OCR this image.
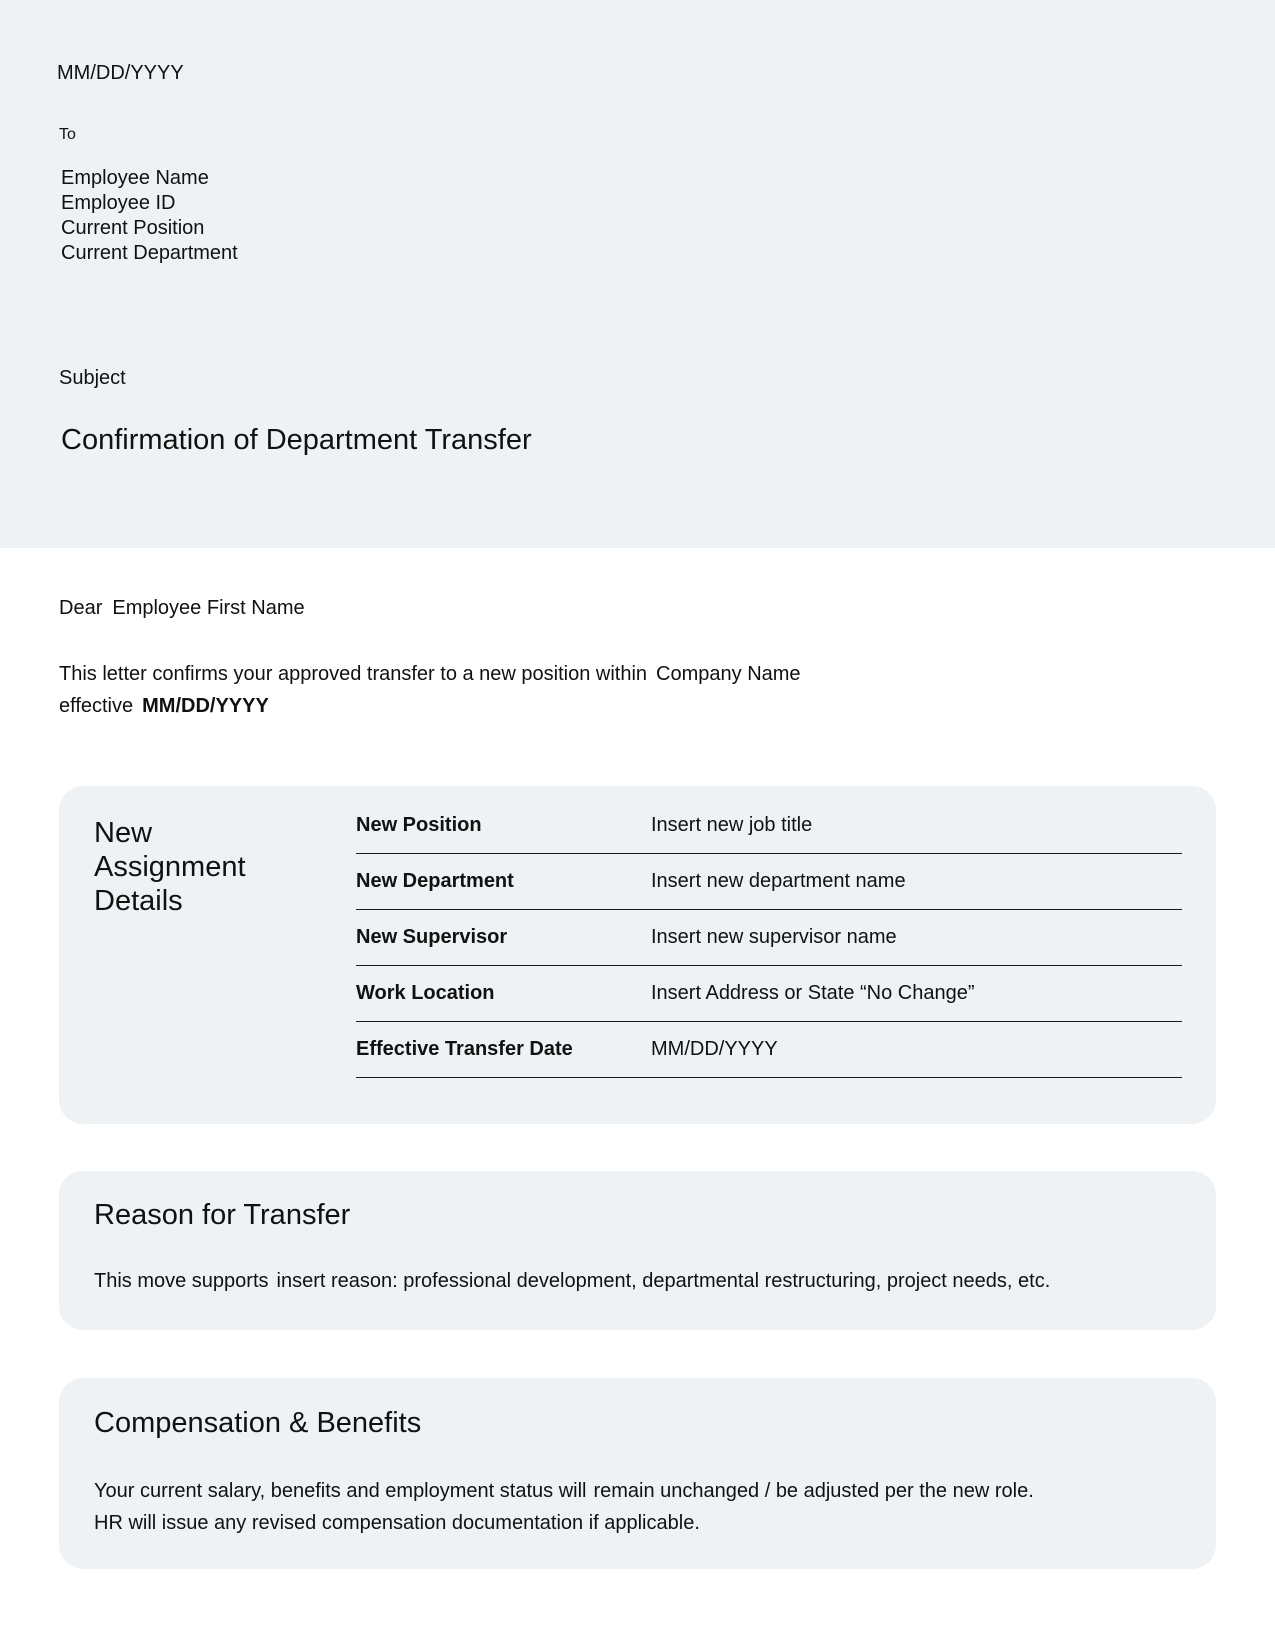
MM/DD/YYYY
To
Employee Name
Employee ID
Current Position
Current Department
Subject
Confirmation of Department Transfer
Dear Employee First Name
This letter confirms your approved transfer to a new position within Company Name
effective MM/DD/YYYY
New Assignment Details
New Position	Insert new job title
New Department	Insert new department name
New Supervisor	Insert new supervisor name
Work Location	Insert Address or State “No Change”
Effective Transfer Date	MM/DD/YYYY
Reason for Transfer
This move supports insert reason: professional development, departmental restructuring, project needs, etc.
Compensation & Benefits
Your current salary, benefits and employment status will remain unchanged / be adjusted per the new role.
HR will issue any revised compensation documentation if applicable.
